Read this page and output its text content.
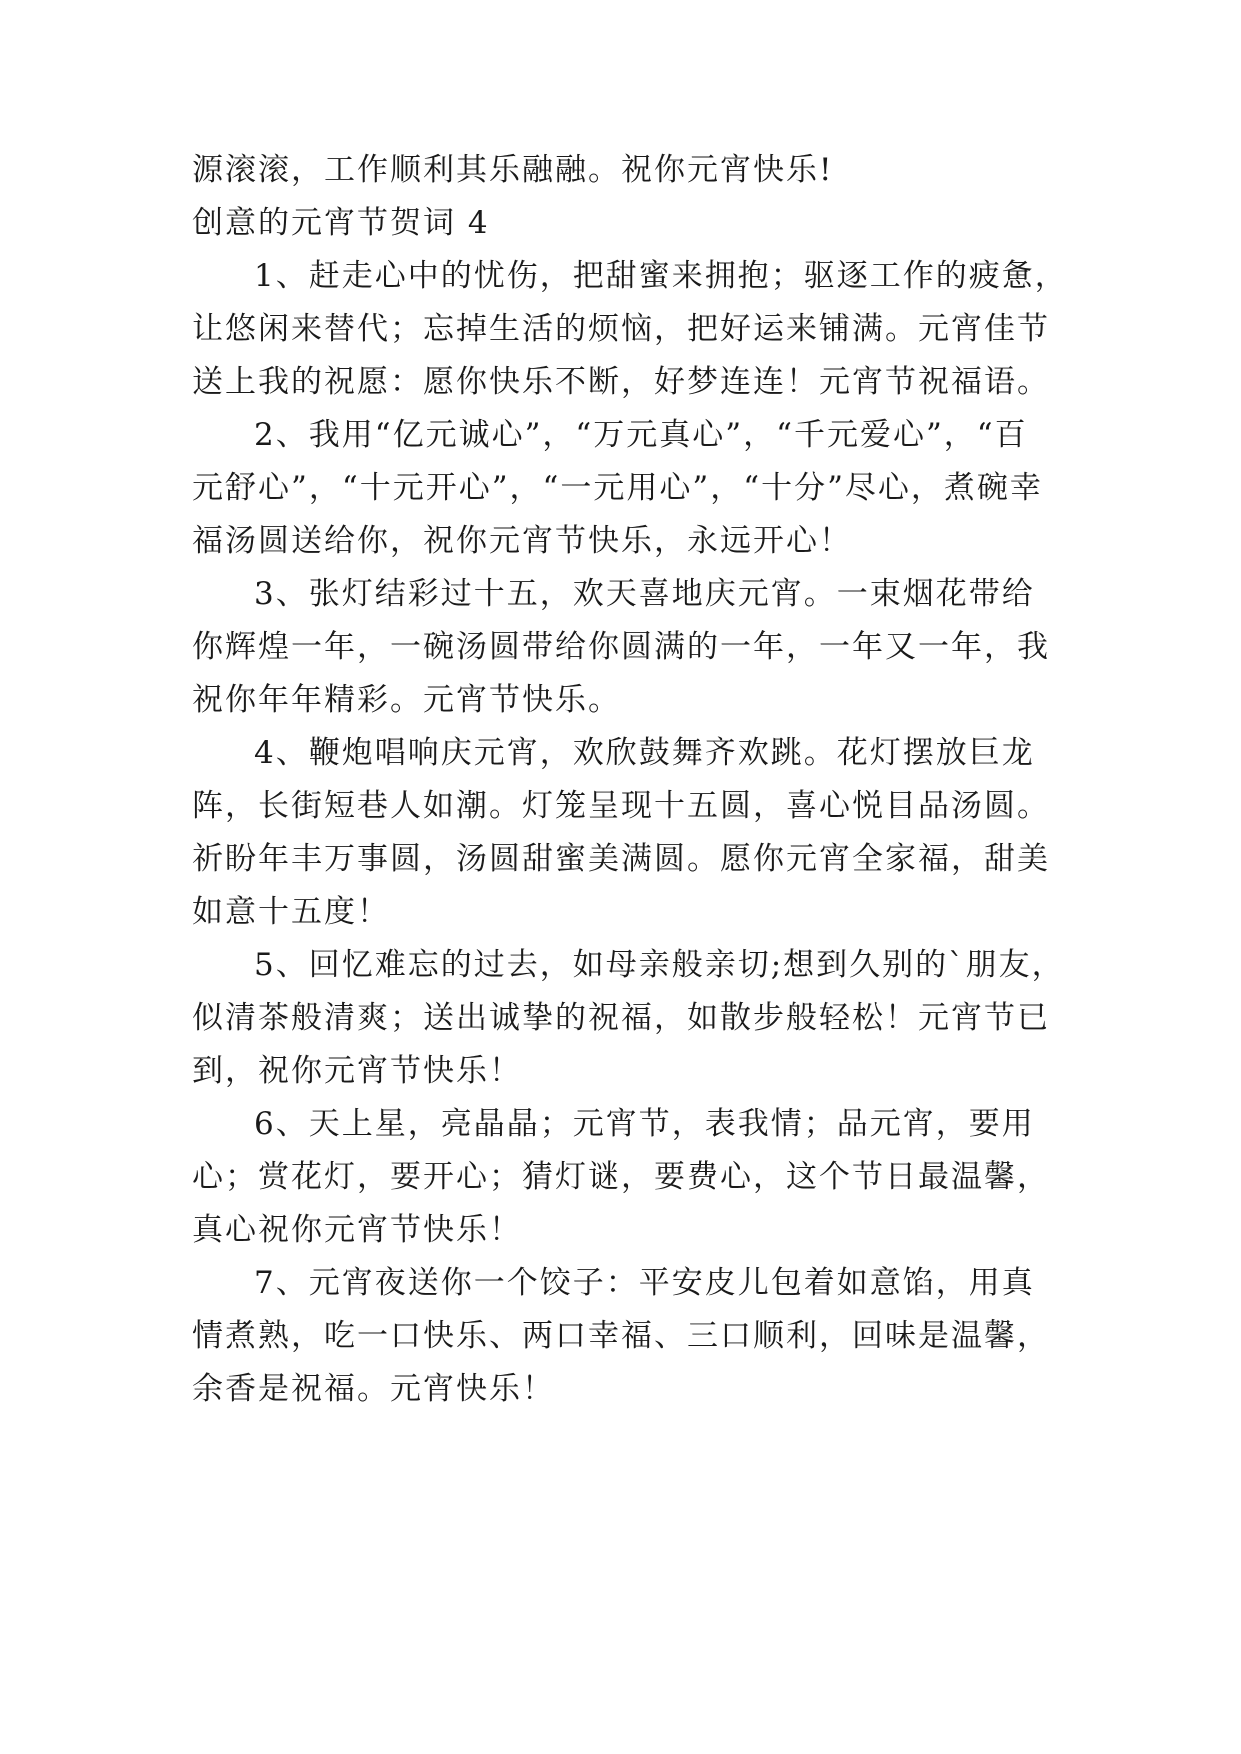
源滚滚，工作顺利其乐融融。祝你元宵快乐!
创意的元宵节贺词 4
1、赶走心中的忧伤，把甜蜜来拥抱；驱逐工作的疲惫，
让悠闲来替代；忘掉生活的烦恼，把好运来铺满。元宵佳节
送上我的祝愿：愿你快乐不断，好梦连连！元宵节祝福语。
2、我用“亿元诚心”，“万元真心”，“千元爱心”，“百
元舒心”，“十元开心”，“一元用心”，“十分”尽心，煮碗幸
福汤圆送给你，祝你元宵节快乐，永远开心！
3、张灯结彩过十五，欢天喜地庆元宵。一束烟花带给
你辉煌一年，一碗汤圆带给你圆满的一年，一年又一年，我
祝你年年精彩。元宵节快乐。
4、鞭炮唱响庆元宵，欢欣鼓舞齐欢跳。花灯摆放巨龙
阵，长街短巷人如潮。灯笼呈现十五圆，喜心悦目品汤圆。
祈盼年丰万事圆，汤圆甜蜜美满圆。愿你元宵全家福，甜美
如意十五度！
5、回忆难忘的过去，如母亲般亲切;想到久别的`朋友，
似清茶般清爽；送出诚挚的祝福，如散步般轻松！元宵节已
到，祝你元宵节快乐！
6、天上星，亮晶晶；元宵节，表我情；品元宵，要用
心；赏花灯，要开心；猜灯谜，要费心，这个节日最温馨，
真心祝你元宵节快乐！
7、元宵夜送你一个饺子：平安皮儿包着如意馅，用真
情煮熟，吃一口快乐、两口幸福、三口顺利，回味是温馨，
余香是祝福。元宵快乐！
